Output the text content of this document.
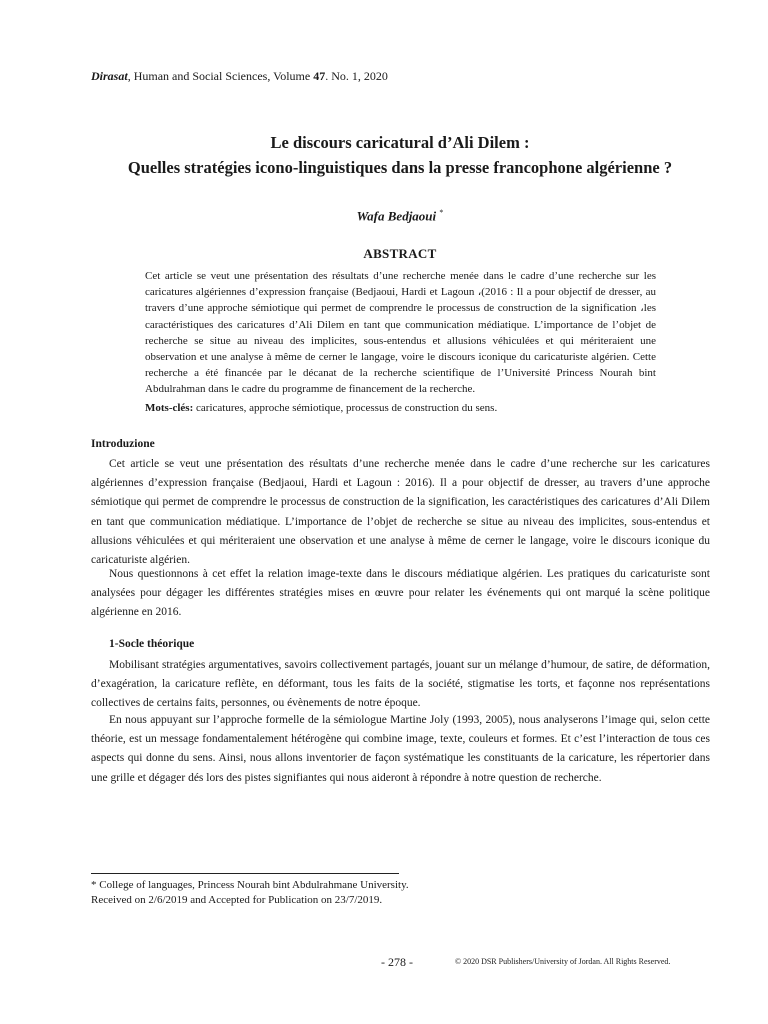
Dirasat, Human and Social Sciences, Volume 47. No. 1, 2020
Le discours caricatural d’Ali Dilem :
Quelles stratégies icono-linguistiques dans la presse francophone algérienne ?
Wafa Bedjaoui *
ABSTRACT
Cet article se veut une présentation des résultats d’une recherche menée dans le cadre d’une recherche sur les caricatures algériennes d’expression française (Bedjaoui, Hardi et Lagoun ،(2016 : Il a pour objectif de dresser, au travers d’une approche sémiotique qui permet de comprendre le processus de construction de la signification ،les caractéristiques des caricatures d’Ali Dilem en tant que communication médiatique. L’importance de l’objet de recherche se situe au niveau des implicites, sous-entendus et allusions véhiculées et qui mériteraient une observation et une analyse à même de cerner le langage, voire le discours iconique du caricaturiste algérien. Cette recherche a été financée par le décanat de la recherche scientifique de l’Université Princess Nourah bint Abdulrahman dans le cadre du programme de financement de la recherche.
Mots-clés: caricatures, approche sémiotique, processus de construction du sens.
Introduzione
Cet article se veut une présentation des résultats d’une recherche menée dans le cadre d’une recherche sur les caricatures algériennes d’expression française (Bedjaoui, Hardi et Lagoun : 2016). Il a pour objectif de dresser, au travers d’une approche sémiotique qui permet de comprendre le processus de construction de la signification, les caractéristiques des caricatures d’Ali Dilem en tant que communication médiatique. L’importance de l’objet de recherche se situe au niveau des implicites, sous-entendus et allusions véhiculées et qui mériteraient une observation et une analyse à même de cerner le langage, voire le discours iconique du caricaturiste algérien.
Nous questionnons à cet effet la relation image-texte dans le discours médiatique algérien. Les pratiques du caricaturiste sont analysées pour dégager les différentes stratégies mises en œuvre pour relater les événements qui ont marqué la scène politique algérienne en 2016.
1-Socle théorique
Mobilisant stratégies argumentatives, savoirs collectivement partagés, jouant sur un mélange d’humour, de satire, de déformation, d’exagération, la caricature reflète, en déformant, tous les faits de la société, stigmatise les torts, et façonne nos représentations collectives de certains faits, personnes, ou évènements de notre époque.
En nous appuyant sur l’approche formelle de la sémiologue Martine Joly (1993, 2005), nous analyserons l’image qui, selon cette théorie, est un message fondamentalement hétérogène qui combine image, texte, couleurs et formes. Et c’est l’interaction de tous ces aspects qui donne du sens. Ainsi, nous allons inventorier de façon systématique les constituants de la caricature, les répertorier dans une grille et dégager dés lors des pistes signifiantes qui nous aideront à répondre à notre question de recherche.
* College of languages, Princess Nourah bint Abdulrahmane University.
Received on 2/6/2019 and Accepted for Publication on 23/7/2019.
- 278 -	© 2020 DSR Publishers/University of Jordan. All Rights Reserved.
